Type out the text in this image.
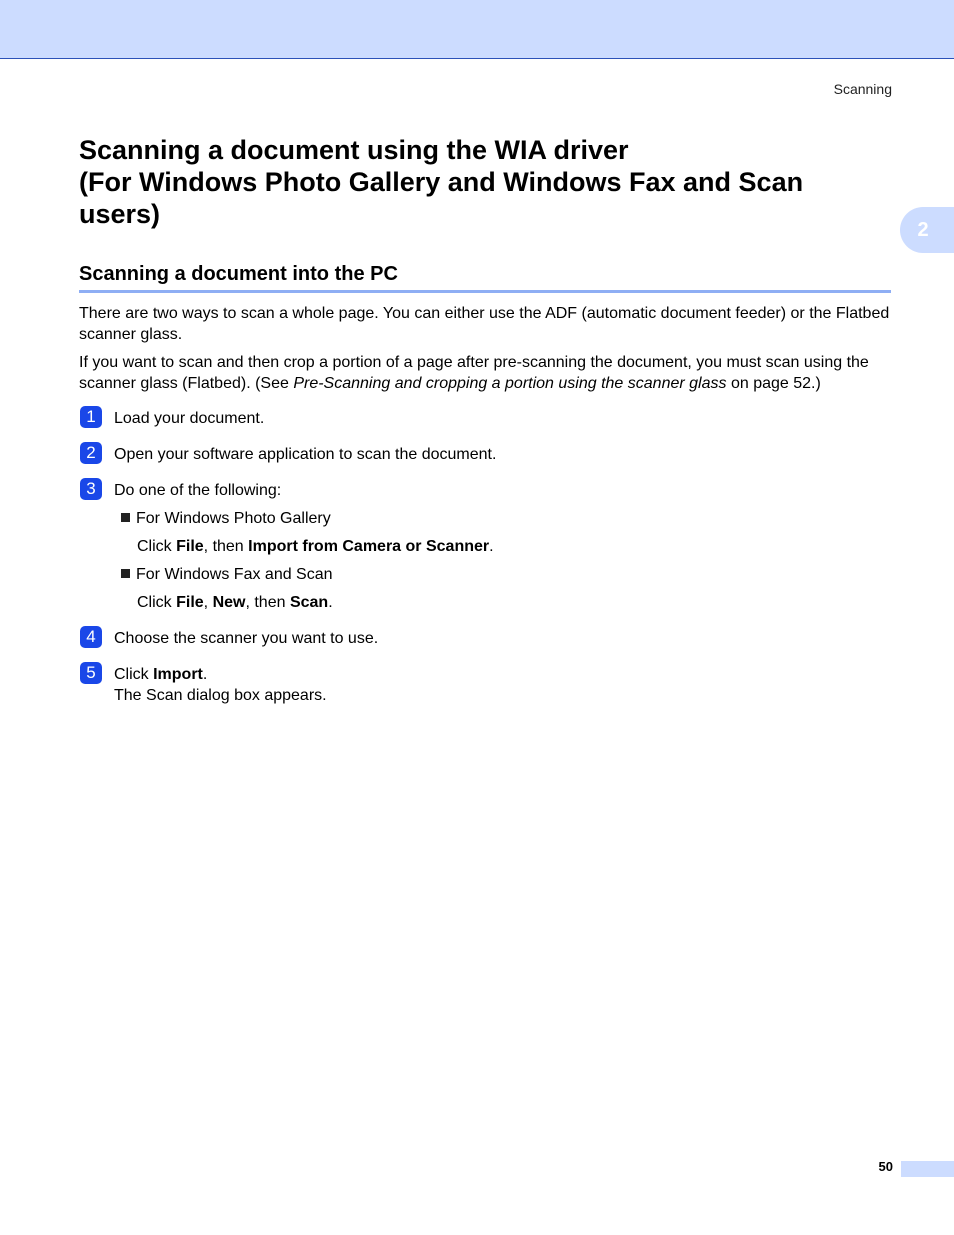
Scanning
2
Scanning a document using the WIA driver
(For Windows Photo Gallery and Windows Fax and Scan
users)
Scanning a document into the PC

There are two ways to scan a whole page. You can either use the ADF (automatic document feeder) or the Flatbed scanner glass.

If you want to scan and then crop a portion of a page after pre-scanning the document, you must scan using the scanner glass (Flatbed). (See Pre-Scanning and cropping a portion using the scanner glass on page 52.)

1	Load your document.
2	Open your software application to scan the document.
3	Do one of the following:
For Windows Photo Gallery
Click File, then Import from Camera or Scanner.
For Windows Fax and Scan
Click File, New, then Scan.
4	Choose the scanner you want to use.
5	Click Import.
The Scan dialog box appears.
50
